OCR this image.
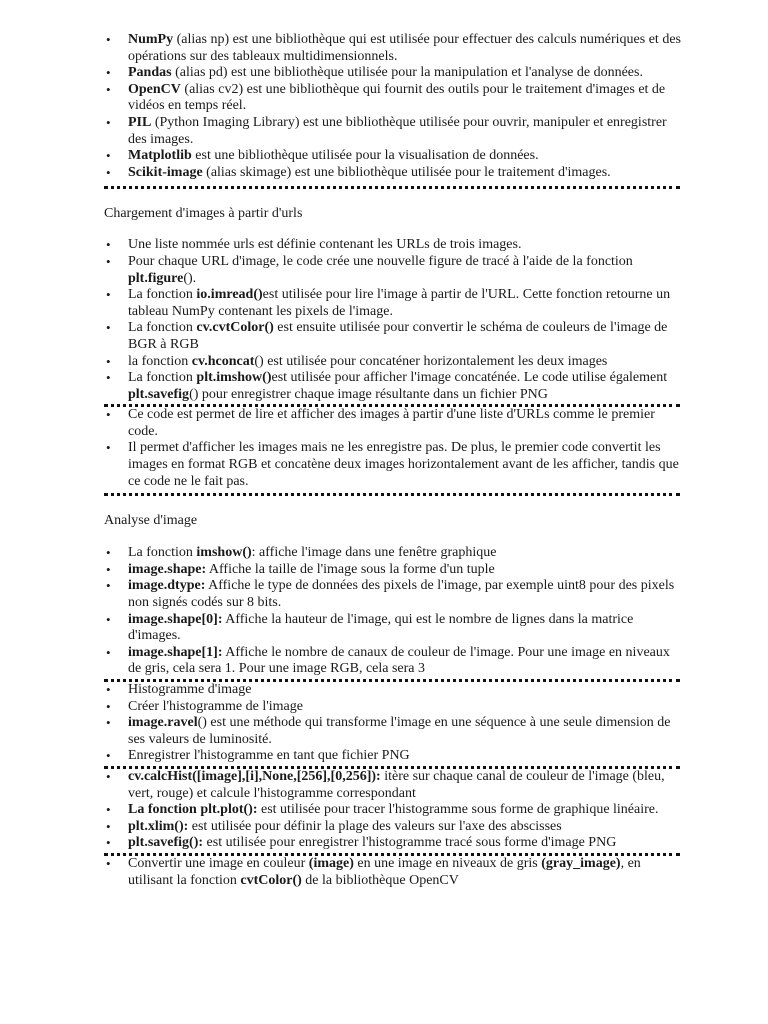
• NumPy (alias np) est une bibliothèque qui est utilisée pour effectuer des calculs numériques et des opérations sur des tableaux multidimensionnels.
• Pandas (alias pd) est une bibliothèque utilisée pour la manipulation et l'analyse de données.
• OpenCV (alias cv2) est une bibliothèque qui fournit des outils pour le traitement d'images et de vidéos en temps réel.
• PIL (Python Imaging Library) est une bibliothèque utilisée pour ouvrir, manipuler et enregistrer des images.
• Matplotlib est une bibliothèque utilisée pour la visualisation de données.
• Scikit-image (alias skimage) est une bibliothèque utilisée pour le traitement d'images.
Chargement d'images à partir d'urls
• Une liste nommée urls est définie contenant les URLs de trois images.
• Pour chaque URL d'image, le code crée une nouvelle figure de tracé à l'aide de la fonction plt.figure().
• La fonction io.imread()est utilisée pour lire l'image à partir de l'URL. Cette fonction retourne un tableau NumPy contenant les pixels de l'image.
• La fonction cv.cvtColor() est ensuite utilisée pour convertir le schéma de couleurs de l'image de BGR à RGB
• la fonction cv.hconcat() est utilisée pour concaténer horizontalement les deux images
• La fonction plt.imshow()est utilisée pour afficher l'image concaténée. Le code utilise également plt.savefig() pour enregistrer chaque image résultante dans un fichier PNG
• Ce code est permet de lire et afficher des images à partir d'une liste d'URLs comme le premier code.
• Il permet d'afficher les images mais ne les enregistre pas. De plus, le premier code convertit les images en format RGB et concatène deux images horizontalement avant de les afficher, tandis que ce code ne le fait pas.
Analyse d'image
• La fonction imshow(): affiche l'image dans une fenêtre graphique
• image.shape: Affiche la taille de l'image sous la forme d'un tuple
• image.dtype: Affiche le type de données des pixels de l'image, par exemple uint8 pour des pixels non signés codés sur 8 bits.
• image.shape[0]: Affiche la hauteur de l'image, qui est le nombre de lignes dans la matrice d'images.
• image.shape[1]: Affiche le nombre de canaux de couleur de l'image. Pour une image en niveaux de gris, cela sera 1. Pour une image RGB, cela sera 3
• Histogramme d'image
• Créer l'histogramme de l'image
• image.ravel() est une méthode qui transforme l'image en une séquence à une seule dimension de ses valeurs de luminosité.
• Enregistrer l'histogramme en tant que fichier PNG
• cv.calcHist([image],[i],None,[256],[0,256]): itère sur chaque canal de couleur de l'image (bleu, vert, rouge) et calcule l'histogramme correspondant
• La fonction plt.plot(): est utilisée pour tracer l'histogramme sous forme de graphique linéaire.
• plt.xlim(): est utilisée pour définir la plage des valeurs sur l'axe des abscisses
• plt.savefig(): est utilisée pour enregistrer l'histogramme tracé sous forme d'image PNG
• Convertir une image en couleur (image) en une image en niveaux de gris (gray_image), en utilisant la fonction cvtColor() de la bibliothèque OpenCV
